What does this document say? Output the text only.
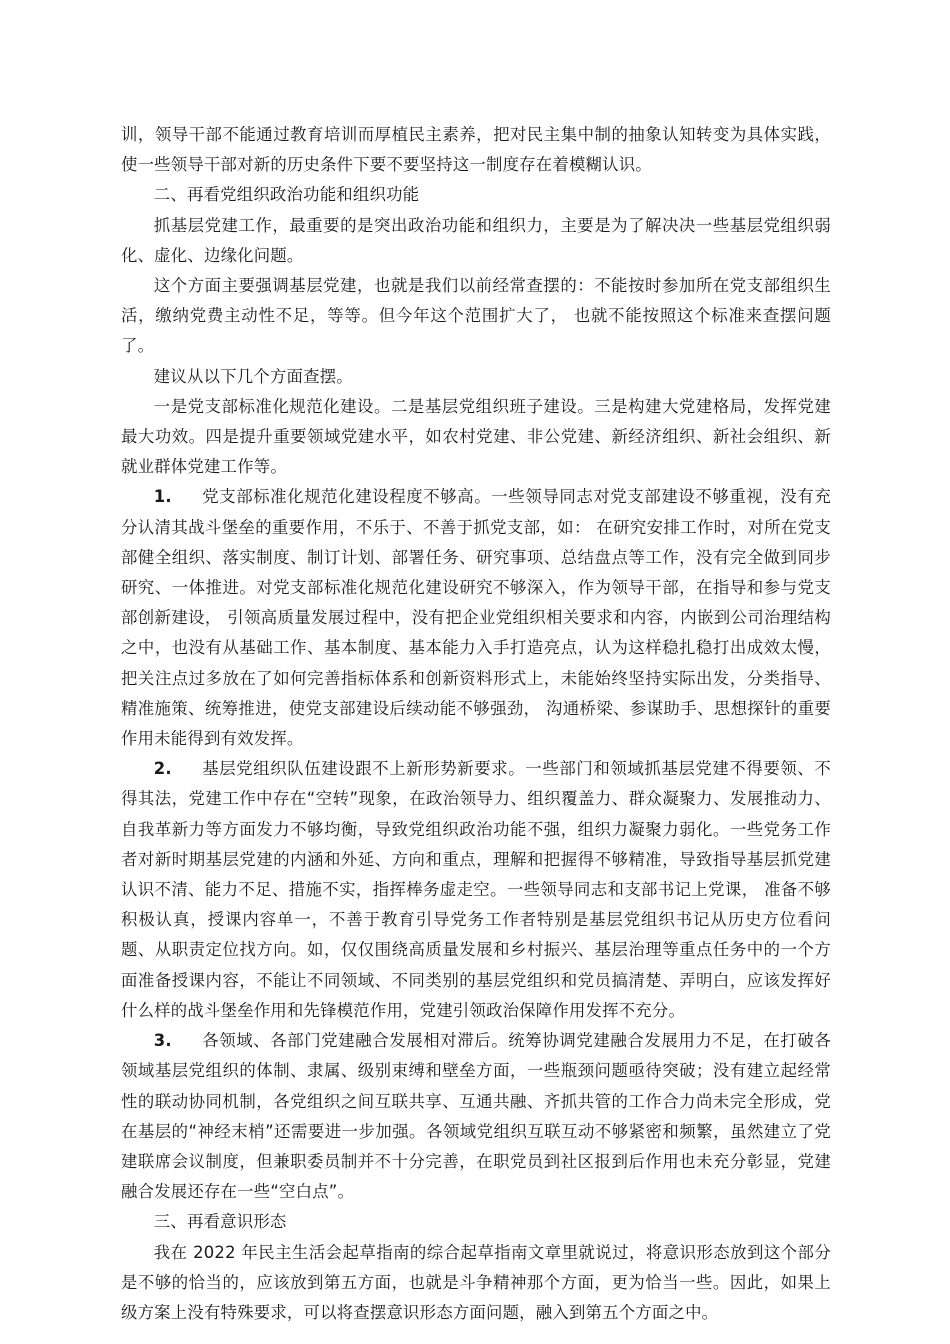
训，领导干部不能通过教育培训而厚植民主素养，把对民主集中制的抽象认知转变为具体实践，使一些领导干部对新的历史条件下要不要坚持这一制度存在着模糊认识。

二、再看党组织政治功能和组织功能

抓基层党建工作，最重要的是突出政治功能和组织力，主要是为了解决决一些基层党组织弱化、虚化、边缘化问题。

这个方面主要强调基层党建，也就是我们以前经常查摆的：不能按时参加所在党支部组织生活，缴纳党费主动性不足，等等。但今年这个范围扩大了， 也就不能按照这个标准来查摆问题了。

建议从以下几个方面查摆。

一是党支部标准化规范化建设。二是基层党组织班子建设。三是构建大党建格局，发挥党建最大功效。四是提升重要领域党建水平，如农村党建、非公党建、新经济组织、新社会组织、新就业群体党建工作等。

1. 党支部标准化规范化建设程度不够高。一些领导同志对党支部建设不够重视，没有充分认清其战斗堡垒的重要作用，不乐于、不善于抓党支部，如： 在研究安排工作时，对所在党支部健全组织、落实制度、制订计划、部署任务、研究事项、总结盘点等工作，没有完全做到同步研究、一体推进。对党支部标准化规范化建设研究不够深入，作为领导干部，在指导和参与党支部创新建设， 引领高质量发展过程中，没有把企业党组织相关要求和内容，内嵌到公司治理结构之中，也没有从基础工作、基本制度、基本能力入手打造亮点，认为这样稳扎稳打出成效太慢，把关注点过多放在了如何完善指标体系和创新资料形式上，未能始终坚持实际出发，分类指导、精准施策、统筹推进，使党支部建设后续动能不够强劲， 沟通桥梁、参谋助手、思想探针的重要作用未能得到有效发挥。

2. 基层党组织队伍建设跟不上新形势新要求。一些部门和领域抓基层党建不得要领、不得其法，党建工作中存在“空转”现象，在政治领导力、组织覆盖力、群众凝聚力、发展推动力、自我革新力等方面发力不够均衡，导致党组织政治功能不强，组织力凝聚力弱化。一些党务工作者对新时期基层党建的内涵和外延、方向和重点，理解和把握得不够精准，导致指导基层抓党建认识不清、能力不足、措施不实，指挥棒务虚走空。一些领导同志和支部书记上党课， 准备不够积极认真，授课内容单一，不善于教育引导党务工作者特别是基层党组织书记从历史方位看问题、从职责定位找方向。如，仅仅围绕高质量发展和乡村振兴、基层治理等重点任务中的一个方面准备授课内容，不能让不同领域、不同类别的基层党组织和党员搞清楚、弄明白，应该发挥好什么样的战斗堡垒作用和先锋模范作用，党建引领政治保障作用发挥不充分。

3. 各领域、各部门党建融合发展相对滞后。统筹协调党建融合发展用力不足，在打破各领域基层党组织的体制、隶属、级别束缚和壁垒方面，一些瓶颈问题亟待突破；没有建立起经常性的联动协同机制，各党组织之间互联共享、互通共融、齐抓共管的工作合力尚未完全形成，党在基层的“神经末梢”还需要进一步加强。各领域党组织互联互动不够紧密和频繁，虽然建立了党建联席会议制度，但兼职委员制并不十分完善，在职党员到社区报到后作用也未充分彰显，党建融合发展还存在一些“空白点”。

三、再看意识形态

我在 2022 年民主生活会起草指南的综合起草指南文章里就说过，将意识形态放到这个部分是不够的恰当的，应该放到第五方面，也就是斗争精神那个方面，更为恰当一些。因此，如果上级方案上没有特殊要求，可以将查摆意识形态方面问题，融入到第五个方面之中。
